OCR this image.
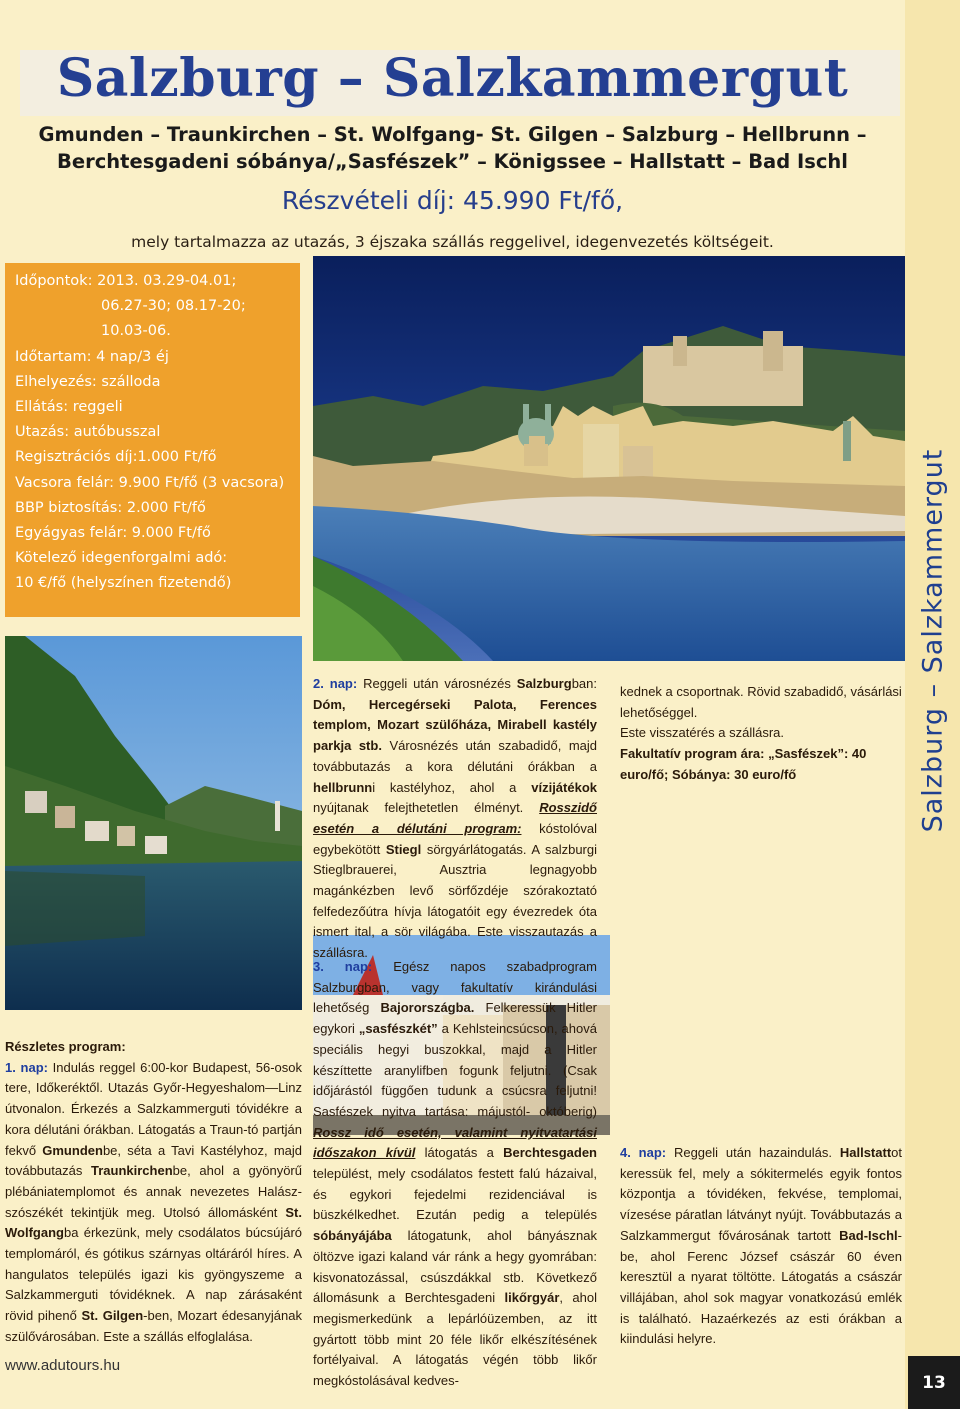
Salzburg – Salzkammergut
Salzburg – Salzkammergut
Gmunden – Traunkirchen – St. Wolfgang- St. Gilgen – Salzburg – Hellbrunn –
Berchtesgadeni sóbánya/„Sasfészek” – Königssee – Hallstatt – Bad Ischl
Részvételi díj: 45.990 Ft/fő,
mely tartalmazza az utazás, 3 éjszaka szállás reggelivel, idegenvezetés költségeit.
Időpontok: 2013. 03.29-04.01;
06.27-30; 08.17-20;
10.03-06.
Időtartam: 4 nap/3 éj
Elhelyezés: szálloda
Ellátás: reggeli
Utazás: autóbusszal
Regisztrációs díj:1.000 Ft/fő
Vacsora felár: 9.900 Ft/fő (3 vacsora)
BBP biztosítás: 2.000 Ft/fő
Egyágyas felár: 9.000 Ft/fő
Kötelező idegenforgalmi adó:
10 €/fő (helyszínen fizetendő)
Részletes program:
1. nap: Indulás reggel 6:00-kor Budapest, 56-osok tere, Időkeréktől. Utazás Győr-Hegyeshalom—Linz útvonalon. Érkezés a Salzkammerguti tóvidékre a kora délutáni órákban. Látogatás a Traun-tó partján fekvő Gmundenbe, séta a Tavi Kastélyhoz, majd továbbutazás Traunkirchenbe, ahol a gyönyörű plébániatemplomot és annak nevezetes Halász-szószékét tekintjük meg. Utolsó állomásként St. Wolfgangba érkezünk, mely csodálatos búcsújáró templomáról, és gótikus szárnyas oltáráról híres. A hangulatos település igazi kis gyöngyszeme a Salzkammerguti tóvidéknek. A nap zárásaként rövid pihenő St. Gilgen-ben, Mozart édesanyjának szülővárosában. Este a szállás elfoglalása.
2. nap: Reggeli után városnézés Salzburgban: Dóm, Hercegérseki Palota, Ferences templom, Mozart szülőháza, Mirabell kastély parkja stb. Városnézés után szabadidő, majd továbbutazás a kora délutáni órákban a hellbrunni kastélyhoz, ahol a vízijátékok nyújtanak felejthetetlen élményt. Rosszidő esetén a délutáni program: kóstolóval egybekötött Stiegl sörgyárlátogatás. A salzburgi Stieglbrauerei, Ausztria legnagyobb magánkézben levő sörfőzdéje szórakoztató felfedezőútra hívja látogatóit egy évezredek óta ismert ital, a sör világába. Este visszautazás a szállásra.
kednek a csoportnak. Rövid szabadidő, vásárlási lehetőséggel.
Este visszatérés a szállásra.
Fakultatív program ára: „Sasfészek”: 40 euro/fő; Sóbánya: 30 euro/fő
3. nap: Egész napos szabadprogram Salzburgban, vagy fakultatív kirándulási lehetőség Bajorországba. Felkeressük Hitler egykori „sasfészkét” a Kehlsteincsúcson, ahová speciális hegyi buszokkal, majd a Hitler készíttette aranylifben fogunk feljutni. (Csak időjárástól függően tudunk a csúcsra feljutni! Sasfészek nyitva tartása: májustól- októberig) Rossz idő esetén, valamint nyitvatartási időszakon kívül látogatás a Berchtesgaden települést, mely csodálatos festett falú házaival, és egykori fejedelmi rezidenciával is büszkélkedhet. Ezután pedig a település sóbányájába látogatunk, ahol bányásznak öltözve igazi kaland vár ránk a hegy gyomrában: kisvonatozással, csúszdákkal stb. Következő állomásunk a Berchtesgadeni likőrgyár, ahol megismerkedünk a lepárlóüzemben, az itt gyártott több mint 20 féle likőr elkészítésének fortélyaival. A látogatás végén több likőr megkóstolásával kedves-
4. nap: Reggeli után hazaindulás. Hallstattot keressük fel, mely a sókitermelés egyik fontos központja a tóvidéken, fekvése, templomai, vízesése páratlan látványt nyújt. Továbbutazás a Salzkammergut fővárosának tartott Bad-Ischl-be, ahol Ferenc József császár 60 éven keresztül a nyarat töltötte. Látogatás a császár villájában, ahol sok magyar vonatkozású emlék is található. Hazaérkezés az esti órákban a kiindulási helyre.
www.adutours.hu
13
